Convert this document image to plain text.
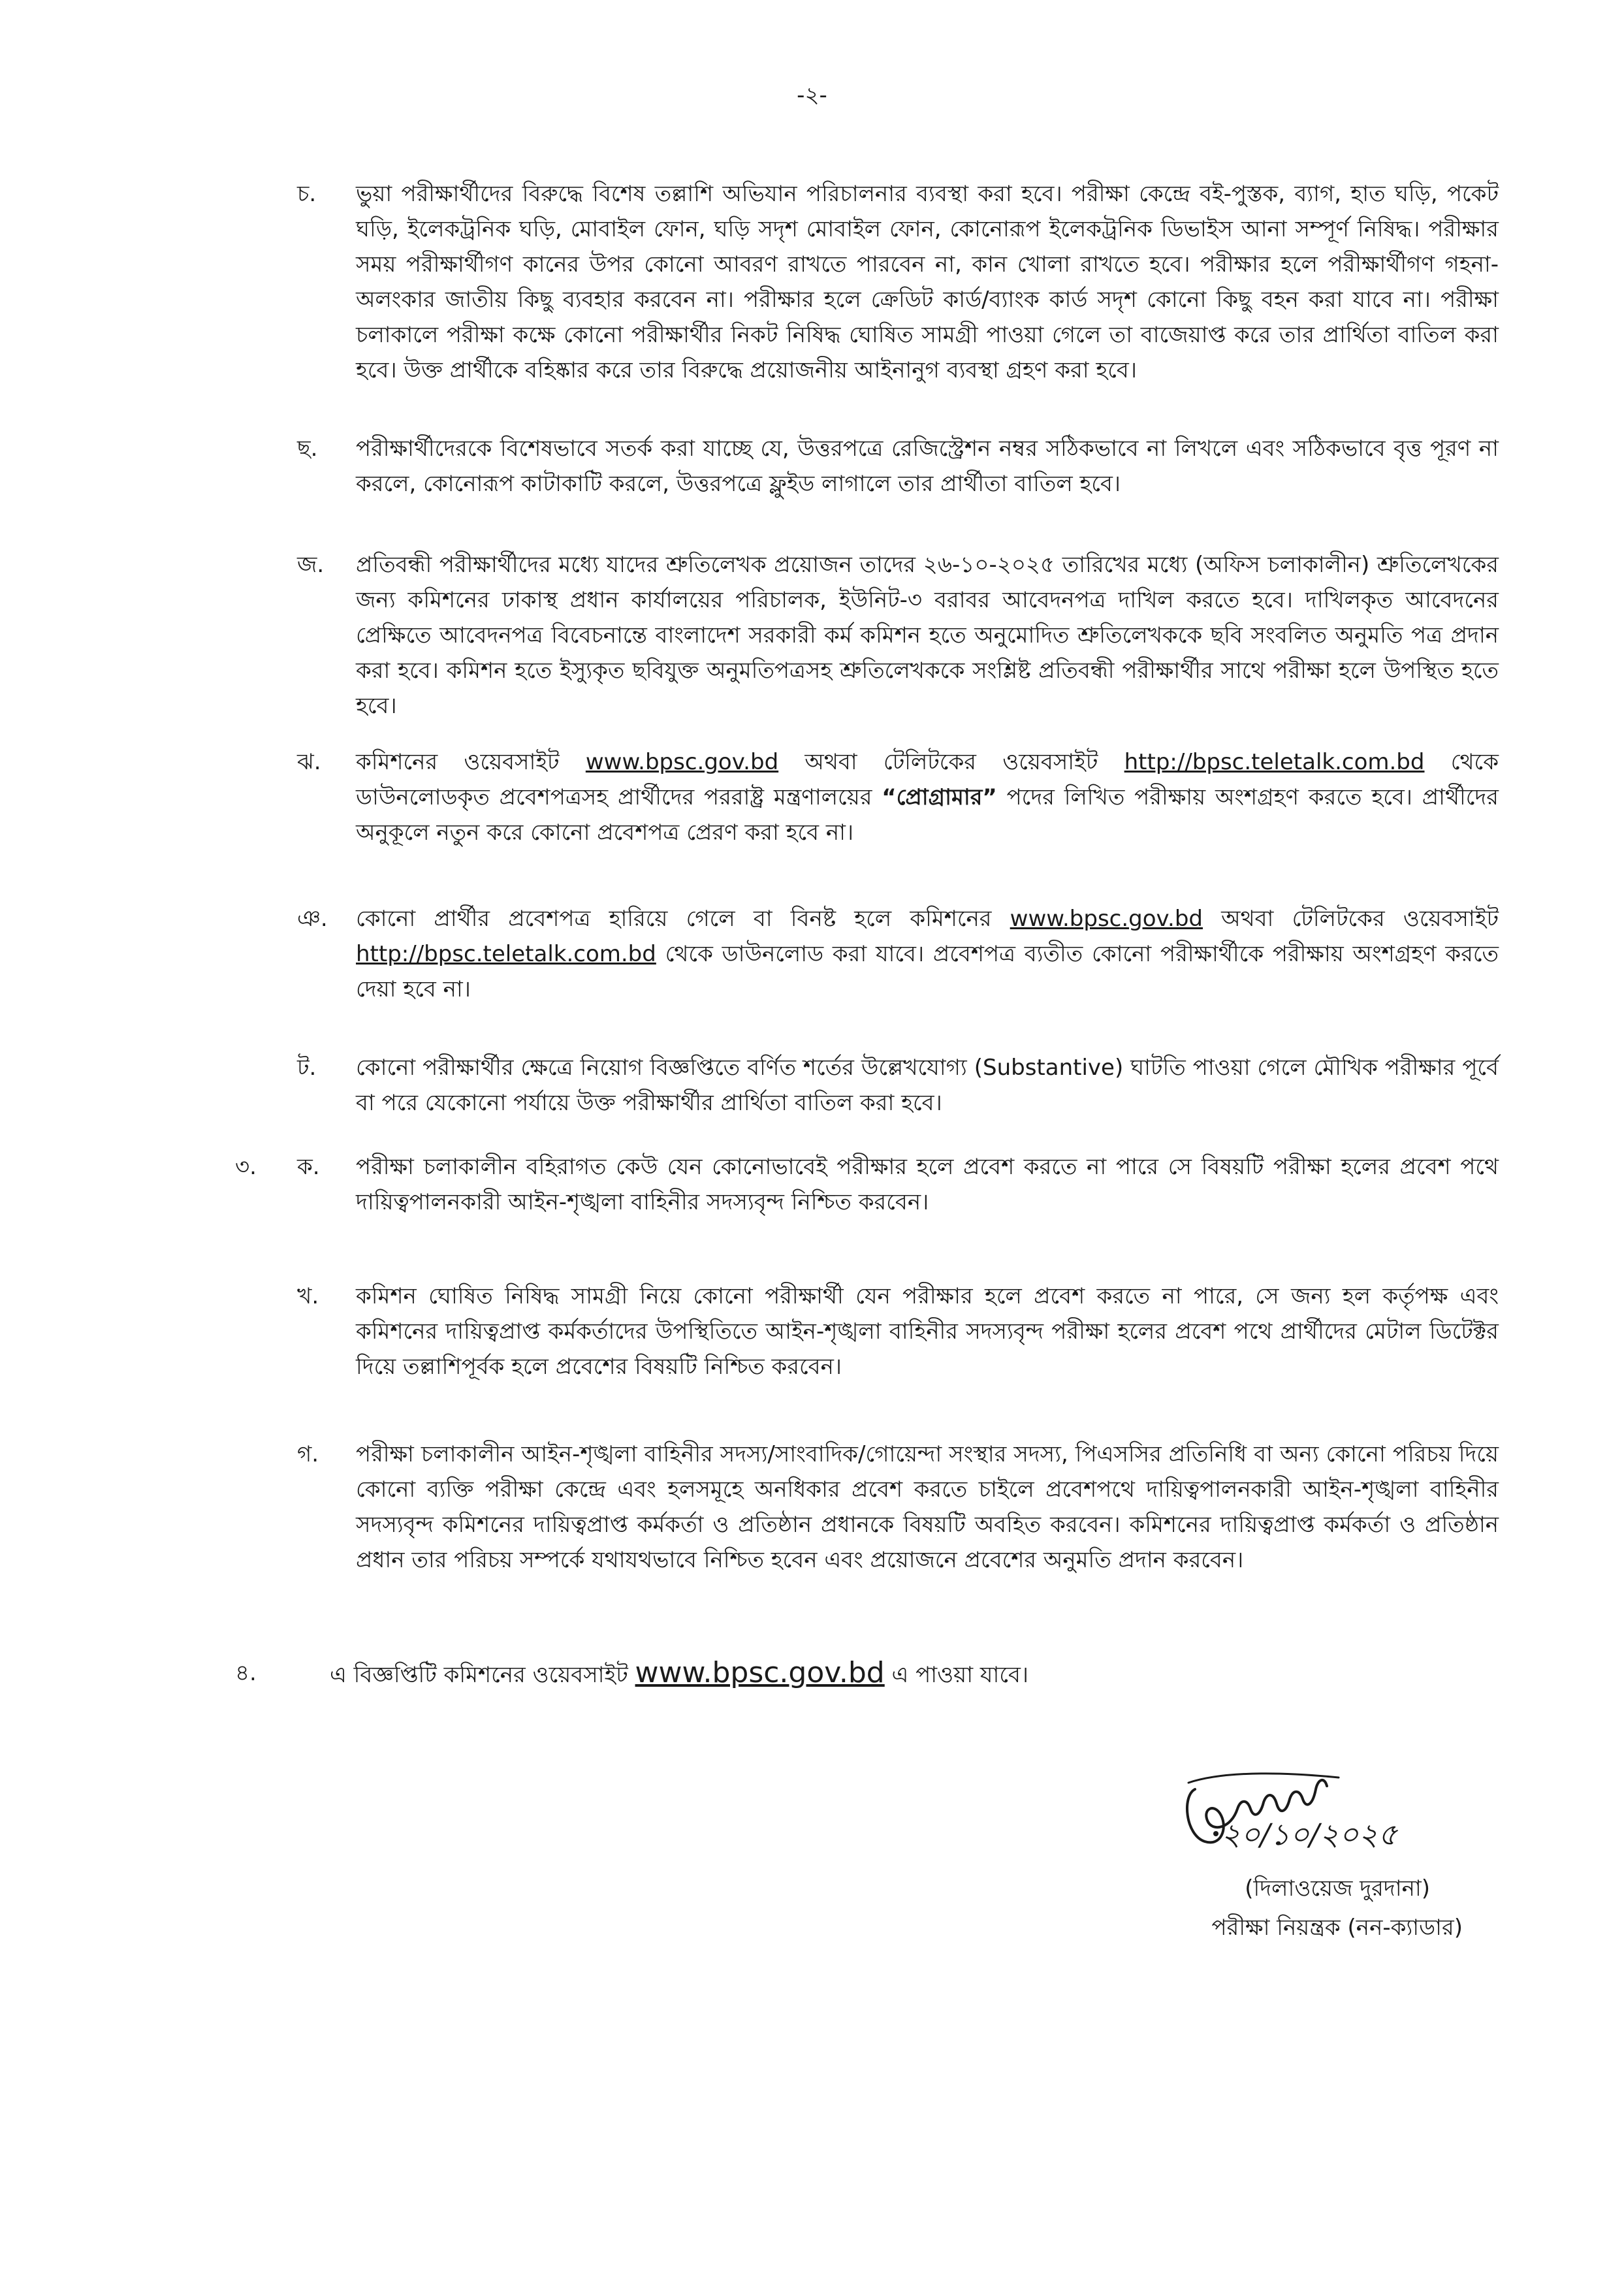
-২-
চ. ভুয়া পরীক্ষার্থীদের বিরুদ্ধে বিশেষ তল্লাশি অভিযান পরিচালনার ব্যবস্থা করা হবে। পরীক্ষা কেন্দ্রে বই-পুস্তক, ব্যাগ, হাত ঘড়ি, পকেট ঘড়ি, ইলেকট্রনিক ঘড়ি, মোবাইল ফোন, ঘড়ি সদৃশ মোবাইল ফোন, কোনোরূপ ইলেকট্রনিক ডিভাইস আনা সম্পূর্ণ নিষিদ্ধ। পরীক্ষার সময় পরীক্ষার্থীগণ কানের উপর কোনো আবরণ রাখতে পারবেন না, কান খোলা রাখতে হবে। পরীক্ষার হলে পরীক্ষার্থীগণ গহনা-অলংকার জাতীয় কিছু ব্যবহার করবেন না। পরীক্ষার হলে ক্রেডিট কার্ড/ব্যাংক কার্ড সদৃশ কোনো কিছু বহন করা যাবে না। পরীক্ষা চলাকালে পরীক্ষা কক্ষে কোনো পরীক্ষার্থীর নিকট নিষিদ্ধ ঘোষিত সামগ্রী পাওয়া গেলে তা বাজেয়াপ্ত করে তার প্রার্থিতা বাতিল করা হবে। উক্ত প্রার্থীকে বহিষ্কার করে তার বিরুদ্ধে প্রয়োজনীয় আইনানুগ ব্যবস্থা গ্রহণ করা হবে।
ছ. পরীক্ষার্থীদেরকে বিশেষভাবে সতর্ক করা যাচ্ছে যে, উত্তরপত্রে রেজিস্ট্রেশন নম্বর সঠিকভাবে না লিখলে এবং সঠিকভাবে বৃত্ত পূরণ না করলে, কোনোরূপ কাটাকাটি করলে, উত্তরপত্রে ফ্লুইড লাগালে তার প্রার্থীতা বাতিল হবে।
জ. প্রতিবন্ধী পরীক্ষার্থীদের মধ্যে যাদের শ্রুতিলেখক প্রয়োজন তাদের ২৬-১০-২০২৫ তারিখের মধ্যে (অফিস চলাকালীন) শ্রুতিলেখকের জন্য কমিশনের ঢাকাস্থ প্রধান কার্যালয়ের পরিচালক, ইউনিট-৩ বরাবর আবেদনপত্র দাখিল করতে হবে। দাখিলকৃত আবেদনের প্রেক্ষিতে আবেদনপত্র বিবেচনান্তে বাংলাদেশ সরকারী কর্ম কমিশন হতে অনুমোদিত শ্রুতিলেখককে ছবি সংবলিত অনুমতি পত্র প্রদান করা হবে। কমিশন হতে ইস্যুকৃত ছবিযুক্ত অনুমতিপত্রসহ শ্রুতিলেখককে সংশ্লিষ্ট প্রতিবন্ধী পরীক্ষার্থীর সাথে পরীক্ষা হলে উপস্থিত হতে হবে।
ঝ. কমিশনের ওয়েবসাইট www.bpsc.gov.bd অথবা টেলিটকের ওয়েবসাইট http://bpsc.teletalk.com.bd থেকে ডাউনলোডকৃত প্রবেশপত্রসহ প্রার্থীদের পররাষ্ট্র মন্ত্রণালয়ের “প্রোগ্রামার” পদের লিখিত পরীক্ষায় অংশগ্রহণ করতে হবে। প্রার্থীদের অনুকূলে নতুন করে কোনো প্রবেশপত্র প্রেরণ করা হবে না।
ঞ. কোনো প্রার্থীর প্রবেশপত্র হারিয়ে গেলে বা বিনষ্ট হলে কমিশনের www.bpsc.gov.bd অথবা টেলিটকের ওয়েবসাইট http://bpsc.teletalk.com.bd থেকে ডাউনলোড করা যাবে। প্রবেশপত্র ব্যতীত কোনো পরীক্ষার্থীকে পরীক্ষায় অংশগ্রহণ করতে দেয়া হবে না।
ট. কোনো পরীক্ষার্থীর ক্ষেত্রে নিয়োগ বিজ্ঞপ্তিতে বর্ণিত শর্তের উল্লেখযোগ্য (Substantive) ঘাটতি পাওয়া গেলে মৌখিক পরীক্ষার পূর্বে বা পরে যেকোনো পর্যায়ে উক্ত পরীক্ষার্থীর প্রার্থিতা বাতিল করা হবে।
৩. ক. পরীক্ষা চলাকালীন বহিরাগত কেউ যেন কোনোভাবেই পরীক্ষার হলে প্রবেশ করতে না পারে সে বিষয়টি পরীক্ষা হলের প্রবেশ পথে দায়িত্বপালনকারী আইন-শৃঙ্খলা বাহিনীর সদস্যবৃন্দ নিশ্চিত করবেন।
খ. কমিশন ঘোষিত নিষিদ্ধ সামগ্রী নিয়ে কোনো পরীক্ষার্থী যেন পরীক্ষার হলে প্রবেশ করতে না পারে, সে জন্য হল কর্তৃপক্ষ এবং কমিশনের দায়িত্বপ্রাপ্ত কর্মকর্তাদের উপস্থিতিতে আইন-শৃঙ্খলা বাহিনীর সদস্যবৃন্দ পরীক্ষা হলের প্রবেশ পথে প্রার্থীদের মেটাল ডিটেক্টর দিয়ে তল্লাশিপূর্বক হলে প্রবেশের বিষয়টি নিশ্চিত করবেন।
গ. পরীক্ষা চলাকালীন আইন-শৃঙ্খলা বাহিনীর সদস্য/সাংবাদিক/গোয়েন্দা সংস্থার সদস্য, পিএসসির প্রতিনিধি বা অন্য কোনো পরিচয় দিয়ে কোনো ব্যক্তি পরীক্ষা কেন্দ্রে এবং হলসমূহে অনধিকার প্রবেশ করতে চাইলে প্রবেশপথে দায়িত্বপালনকারী আইন-শৃঙ্খলা বাহিনীর সদস্যবৃন্দ কমিশনের দায়িত্বপ্রাপ্ত কর্মকর্তা ও প্রতিষ্ঠান প্রধানকে বিষয়টি অবহিত করবেন। কমিশনের দায়িত্বপ্রাপ্ত কর্মকর্তা ও প্রতিষ্ঠান প্রধান তার পরিচয় সম্পর্কে যথাযথভাবে নিশ্চিত হবেন এবং প্রয়োজনে প্রবেশের অনুমতি প্রদান করবেন।
৪.	এ বিজ্ঞপ্তিটি কমিশনের ওয়েবসাইট www.bpsc.gov.bd এ পাওয়া যাবে।
২০/১০/২০২৫
(দিলাওয়েজ দুরদানা)
পরীক্ষা নিয়ন্ত্রক (নন-ক্যাডার)
